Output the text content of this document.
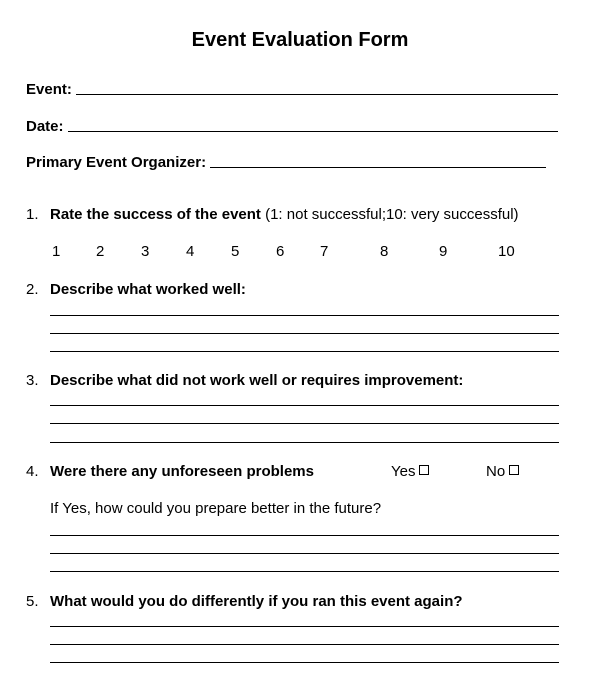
Event Evaluation Form
Event:
Date:
Primary Event Organizer:
1. Rate the success of the event (1: not successful;10: very successful)
1 2 3 4 5 6 7	8	9	10
2. Describe what worked well:
3. Describe what did not work well or requires improvement:
4. Were there any unforeseen problems	Yes	No
If Yes, how could you prepare better in the future?
5. What would you do differently if you ran this event again?
